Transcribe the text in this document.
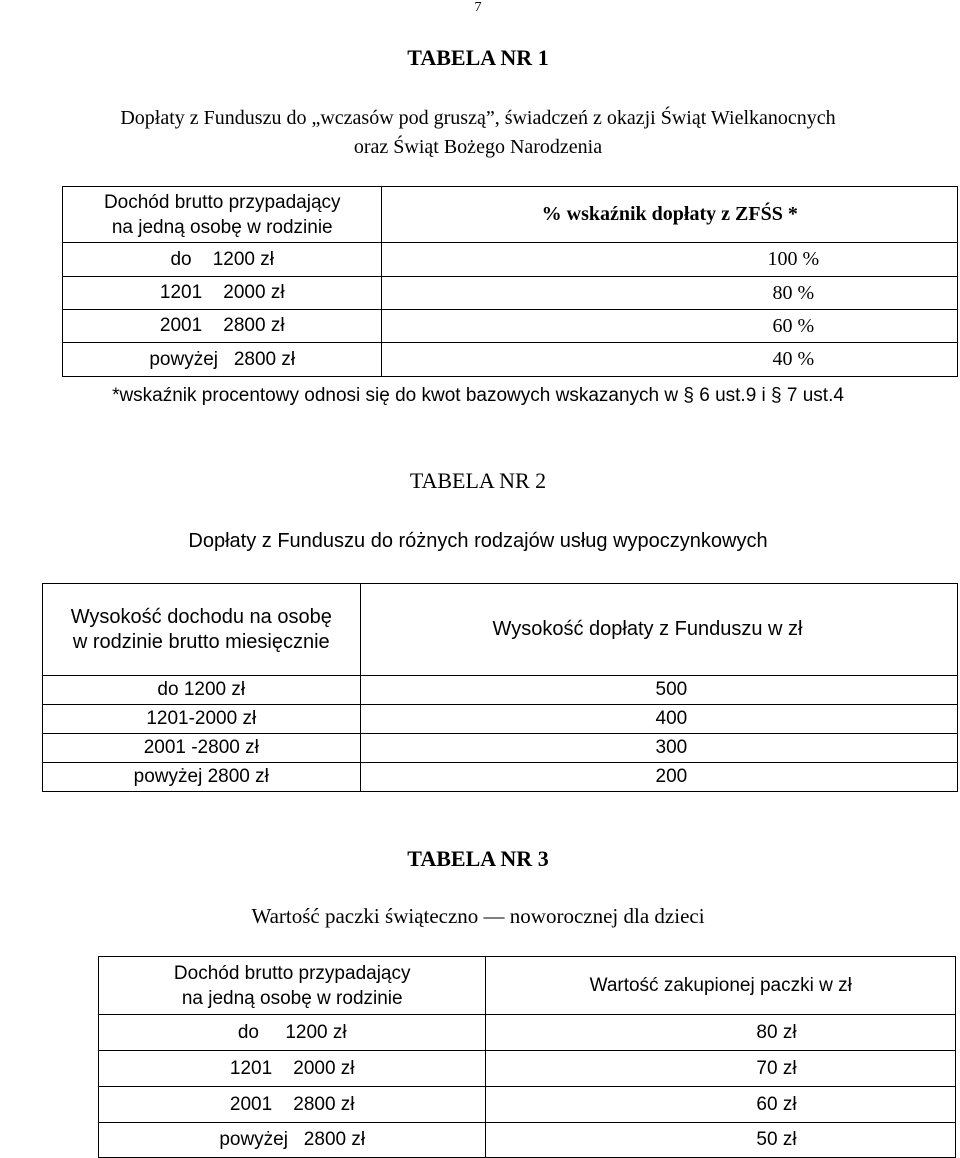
7
TABELA NR 1
Dopłaty z Funduszu do „wczasów pod gruszą”, świadczeń z okazji Świąt Wielkanocnych
oraz Świąt Bożego Narodzenia
Dochód brutto przypadający
na jedną osobę w rodzinie	% wskaźnik dopłaty z ZFŚS *
do    1200 zł	100 %
1201    2000 zł	80 %
2001    2800 zł	60 %
powyżej   2800 zł	40 %
*wskaźnik procentowy odnosi się do kwot bazowych wskazanych w § 6 ust.9 i § 7 ust.4
TABELA NR 2
Dopłaty z Funduszu do różnych rodzajów usług wypoczynkowych
Wysokość dochodu na osobę
w rodzinie brutto miesięcznie	Wysokość dopłaty z Funduszu w zł
do 1200 zł	500
1201-2000 zł	400
2001 -2800 zł	300
powyżej 2800 zł	200
TABELA NR 3
Wartość paczki świąteczno — noworocznej dla dzieci
Dochód brutto przypadający
na jedną osobę w rodzinie	Wartość zakupionej paczki w zł
do     1200 zł	80 zł
1201    2000 zł	70 zł
2001    2800 zł	60 zł
powyżej   2800 zł	50 zł
